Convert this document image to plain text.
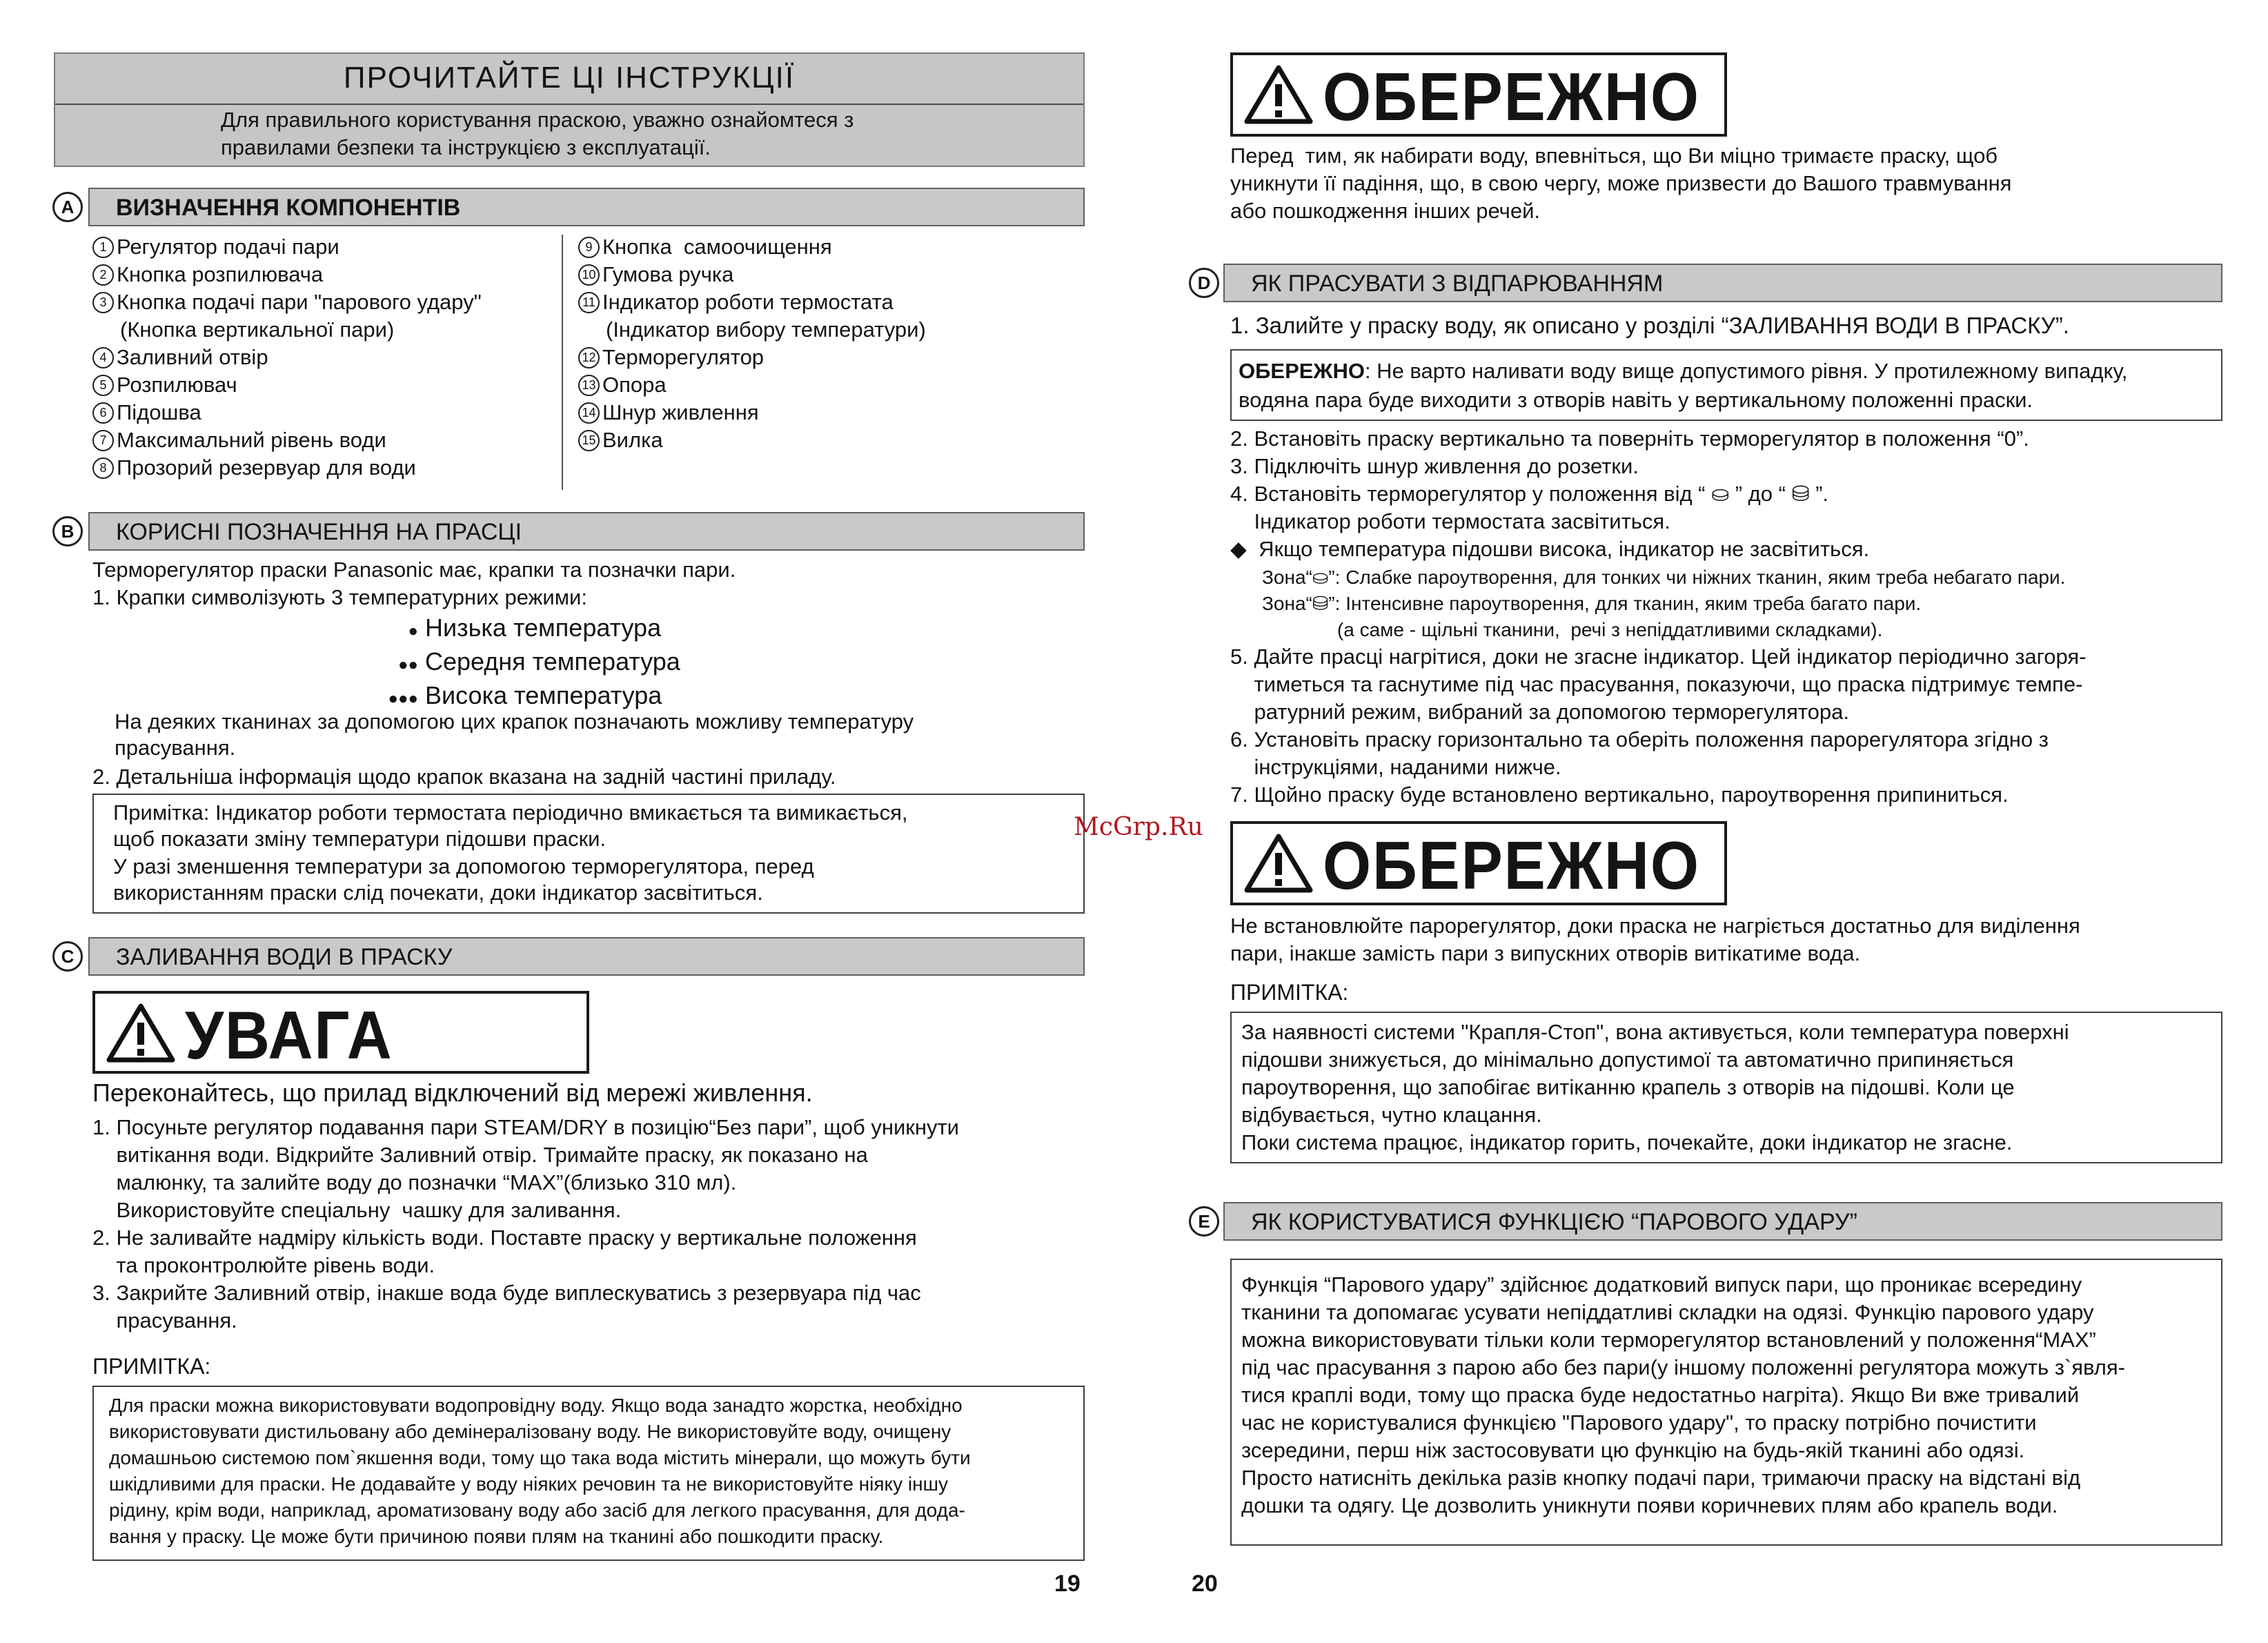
ПРОЧИТАЙТЕ ЦІ ІНСТРУКЦІЇ
Для правильного користування праскою, уважно ознайомтеся з
правилами безпеки та інструкцією з експлуатації.
ВИЗНАЧЕННЯ КОМПОНЕНТІВ
A
1 Регулятор подачі пари
2 Кнопка розпилювача
3 Кнопка подачі пари "парового удару"
(Кнопка вертикальної пари)
4 Заливний отвір
5 Розпилювач
6 Підошва
7 Максимальний рівень води
8 Прозорий резервуар для води
9 Кнопка  самоочищення
10 Гумова ручка
11 Індикатор роботи термостата
(Індикатор вибору температури)
12 Терморегулятор
13 Опора
14 Шнур живлення
15 Вилка
КОРИСНІ ПОЗНАЧЕННЯ НА ПРАСЦІ
B
Терморегулятор праски Panasonic має, крапки та позначки пари.
1. Крапки символізують 3 температурних режими:
● Низька температура
●● Середня температура
●●● Висока температура
На деяких тканинах за допомогою цих крапок позначають можливу температуру
прасування.
2. Детальніша інформація щодо крапок вказана на задній частині приладу.
Примітка: Індикатор роботи термостата періодично вмикається та вимикається,
щоб показати зміну температури підошви праски.
У разі зменшення температури за допомогою терморегулятора, перед
використанням праски слід почекати, доки індикатор засвітиться.
ЗАЛИВАННЯ ВОДИ В ПРАСКУ
C
УВАГА
Переконайтесь, що прилад відключений від мережі живлення.
1. Посуньте регулятор подавання пари STEAM/DRY в позицію“Без пари”, щоб уникнути
витікання води. Відкрийте Заливний отвір. Тримайте праску, як показано на
малюнку, та залийте воду до позначки “MAX”(близько 310 мл).
Використовуйте спеціальну  чашку для заливання.
2. Не заливайте надміру кількість води. Поставте праску у вертикальне положення
та проконтролюйте рівень води.
3. Закрийте Заливний отвір, інакше вода буде виплескуватись з резервуара під час
прасування.
ПРИМІТКА:
Для праски можна використовувати водопровідну воду. Якщо вода занадто жорстка, необхідно
використовувати дистильовану або демінералізовану воду. Не використовуйте воду, очищену
домашньою системою пом`якшення води, тому що така вода містить мінерали, що можуть бути
шкідливими для праски. Не додавайте у воду ніяких речовин та не використовуйте ніяку іншу
рідину, крім води, наприклад, ароматизовану воду або засіб для легкого прасування, для дода-
вання у праску. Це може бути причиною появи плям на тканині або пошкодити праску.
19
McGrp.Ru
ОБЕРЕЖНО
Перед  тим, як набирати воду, впевніться, що Ви міцно тримаєте праску, щоб
уникнути її падіння, що, в свою чергу, може призвести до Вашого травмування
або пошкодження інших речей.
ЯК ПРАСУВАТИ З ВІДПАРЮВАННЯМ
D
1. Залийте у праску воду, як описано у розділі “ЗАЛИВАННЯ ВОДИ В ПРАСКУ”.
ОБЕРЕЖНО: Не варто наливати воду вище допустимого рівня. У протилежному випадку,
водяна пара буде виходити з отворів навіть у вертикальному положенні праски.
2. Встановіть праску вертикально та поверніть терморегулятор в положення “0”.
3. Підключіть шнур живлення до розетки.
4. Встановіть терморегулятор у положення від “ ⛀ ” до “ ⛁ ”.
Індикатор роботи термостата засвітиться.
◆  Якщо температура підошви висока, індикатор не засвітиться.
Зона“⛀”: Слабке пароутворення, для тонких чи ніжних тканин, яким треба небагато пари.
Зона“⛁”: Інтенсивне пароутворення, для тканин, яким треба багато пари.
(а саме - щільні тканини,  речі з непіддатливими складками).
5. Дайте прасці нагрітися, доки не згасне індикатор. Цей індикатор періодично загоря-
тиметься та гаснутиме під час прасування, показуючи, що праска підтримує темпе-
ратурний режим, вибраний за допомогою терморегулятора.
6. Установіть праску горизонтально та оберіть положення парорегулятора згідно з
інструкціями, наданими нижче.
7. Щойно праску буде встановлено вертикально, пароутворення припиниться.
ОБЕРЕЖНО
Не встановлюйте парорегулятор, доки праска не нагріється достатньо для виділення
пари, інакше замість пари з випускних отворів витікатиме вода.
ПРИМІТКА:
За наявності системи "Крапля-Стоп", вона активується, коли температура поверхні
підошви знижується, до мінімально допустимої та автоматично припиняється
пароутворення, що запобігає витіканню крапель з отворів на підошві. Коли це
відбувається, чутно клацання.
Поки система працює, індикатор горить, почекайте, доки індикатор не згасне.
ЯК КОРИСТУВАТИСЯ ФУНКЦІЄЮ “ПАРОВОГО УДАРУ”
E
Функція “Парового удару” здійснює додатковий випуск пари, що проникає всередину
тканини та допомагає усувати непіддатливі складки на одязі. Функцію парового удару
можна використовувати тільки коли терморегулятор встановлений у положення“MAX”
під час прасування з парою або без пари(у іншому положенні регулятора можуть з`явля-
тися краплі води, тому що праска буде недостатньо нагріта). Якщо Ви вже тривалий
час не користувалися функцією "Парового удару", то праску потрібно почистити
зсередини, перш ніж застосовувати цю функцію на будь-якій тканині або одязі.
Просто натисніть декілька разів кнопку подачі пари, тримаючи праску на відстані від
дошки та одягу. Це дозволить уникнути появи коричневих плям або крапель води.
20
